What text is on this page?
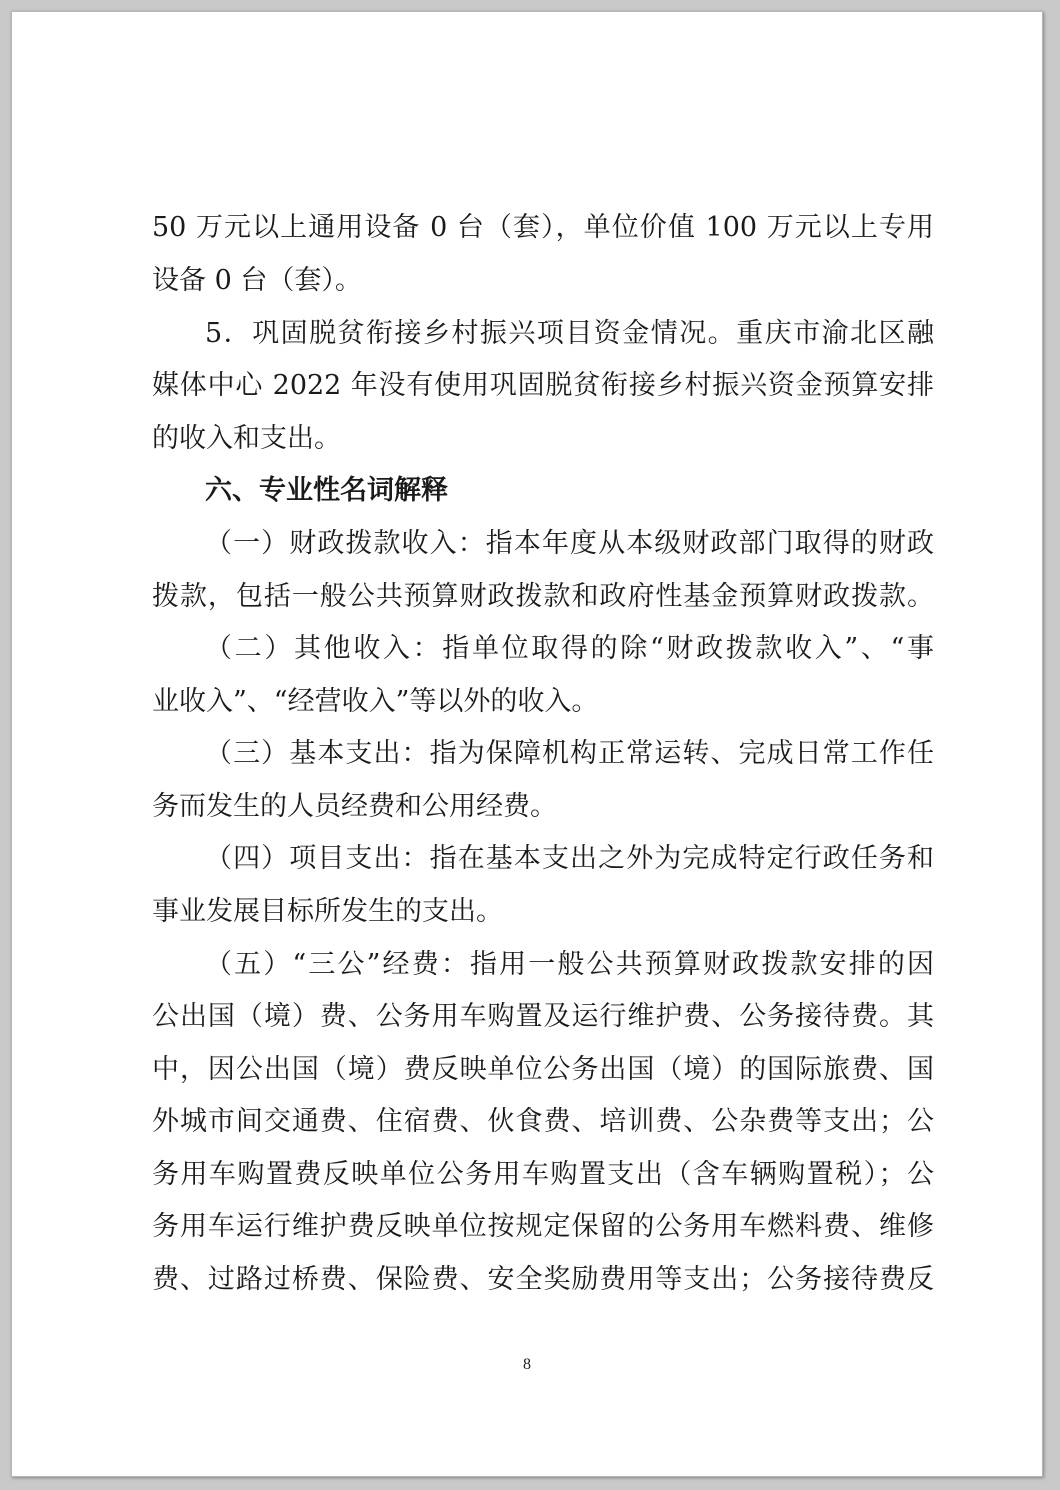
50 万元以上通用设备 0 台（套），单位价值 100 万元以上专用
设备 0 台（套）。
5．巩固脱贫衔接乡村振兴项目资金情况。重庆市渝北区融
媒体中心 2022 年没有使用巩固脱贫衔接乡村振兴资金预算安排
的收入和支出。
六、专业性名词解释
（一）财政拨款收入：指本年度从本级财政部门取得的财政
拨款，包括一般公共预算财政拨款和政府性基金预算财政拨款。
（二）其他收入：指单位取得的除“财政拨款收入”、“事
业收入”、“经营收入”等以外的收入。
（三）基本支出：指为保障机构正常运转、完成日常工作任
务而发生的人员经费和公用经费。
（四）项目支出：指在基本支出之外为完成特定行政任务和
事业发展目标所发生的支出。
（五）“三公”经费：指用一般公共预算财政拨款安排的因
公出国（境）费、公务用车购置及运行维护费、公务接待费。其
中，因公出国（境）费反映单位公务出国（境）的国际旅费、国
外城市间交通费、住宿费、伙食费、培训费、公杂费等支出；公
务用车购置费反映单位公务用车购置支出（含车辆购置税）；公
务用车运行维护费反映单位按规定保留的公务用车燃料费、维修
费、过路过桥费、保险费、安全奖励费用等支出；公务接待费反
8
